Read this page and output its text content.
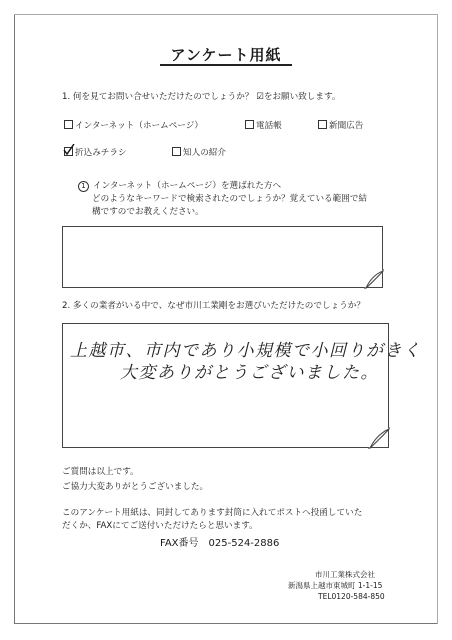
アンケート用紙
1. 何を見てお問い合せいただけたのでしょうか？ ☑をお願い致します。
インターネット（ホームページ）	電話帳	新聞広告
折込みチラシ	知人の紹介
1 インターネット（ホームページ）を選ばれた方へ
どのようなキーワードで検索されたのでしょうか？覚えている範囲で結
構ですのでお教えください。
2. 多くの業者がいる中で、なぜ市川工業剛をお選びいただけたのでしょうか？
上越市、市内であり小規模で小回りがきく
大変ありがとうございました。
ご質問は以上です。
ご協力大変ありがとうございました。
このアンケート用紙は、同封してあります封筒に入れてポストへ投函していた
だくか、FAXにてご送付いただけたらと思います。
FAX番号　025-524-2886
市川工業株式会社
新潟県上越市東城町 1-1-15
TEL0120-584-850
